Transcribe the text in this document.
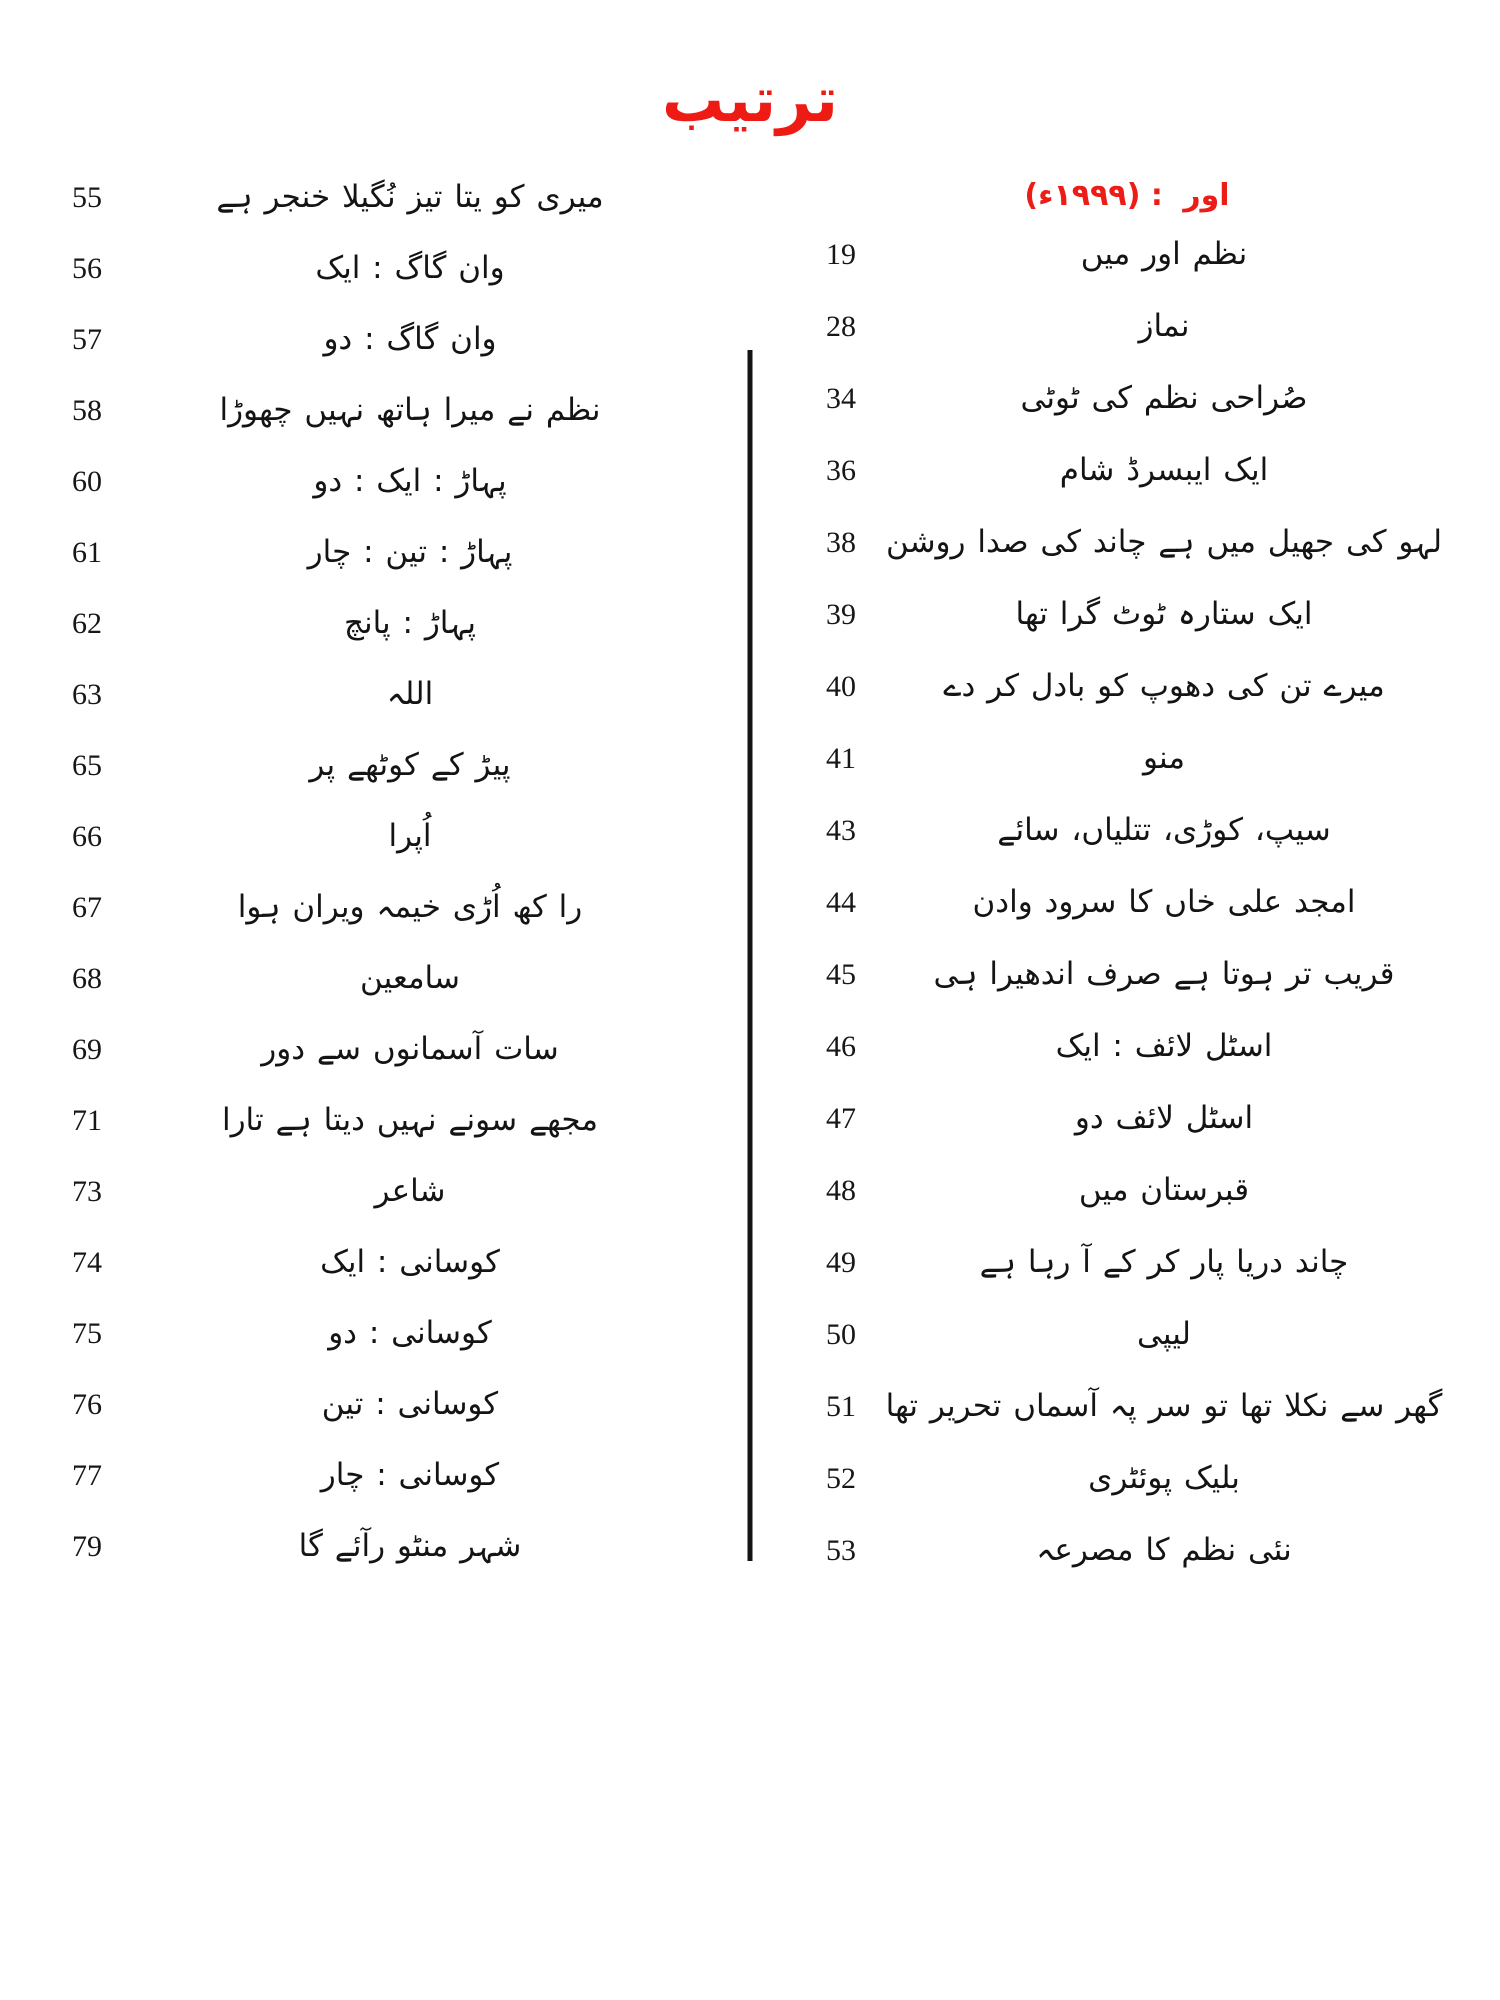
ترتیب
اور : (۱۹۹۹ء)
نظم اور میں
19
نماز
28
صُراحی نظم کی ٹوٹی
34
ایک ایبسرڈ شام
36
لہو کی جھیل میں ہے چاند کی صدا روشن
38
ایک ستارہ ٹوٹ گرا تھا
39
میرے تن کی دھوپ کو بادل کر دے
40
منو
41
سیپ، کوڑی، تتلیاں، سائے
43
امجد علی خاں کا سرود وادن
44
قریب تر ہوتا ہے صرف اندھیرا ہی
45
اسٹل لائف : ایک
46
اسٹل لائف دو
47
قبرستان میں
48
چاند دریا پار کر کے آ رہا ہے
49
لیپی
50
گھر سے نکلا تھا تو سر پہ آسماں تحریر تھا
51
بلیک پوئٹری
52
نئی نظم کا مصرعہ
53
میری کو یتا تیز نُگیلا خنجر ہے
55
وان گاگ : ایک
56
وان گاگ : دو
57
نظم نے میرا ہاتھ نہیں چھوڑا
58
پہاڑ : ایک : دو
60
پہاڑ : تین : چار
61
پہاڑ : پانچ
62
اللہ
63
پیڑ کے کوٹھے پر
65
اُپرا
66
را کھ اُڑی خیمہ ویران ہوا
67
سامعین
68
سات آسمانوں سے دور
69
مجھے سونے نہیں دیتا ہے تارا
71
شاعر
73
کوسانی : ایک
74
کوسانی : دو
75
کوسانی : تین
76
کوسانی : چار
77
شہر منٹو رآئے گا
79
